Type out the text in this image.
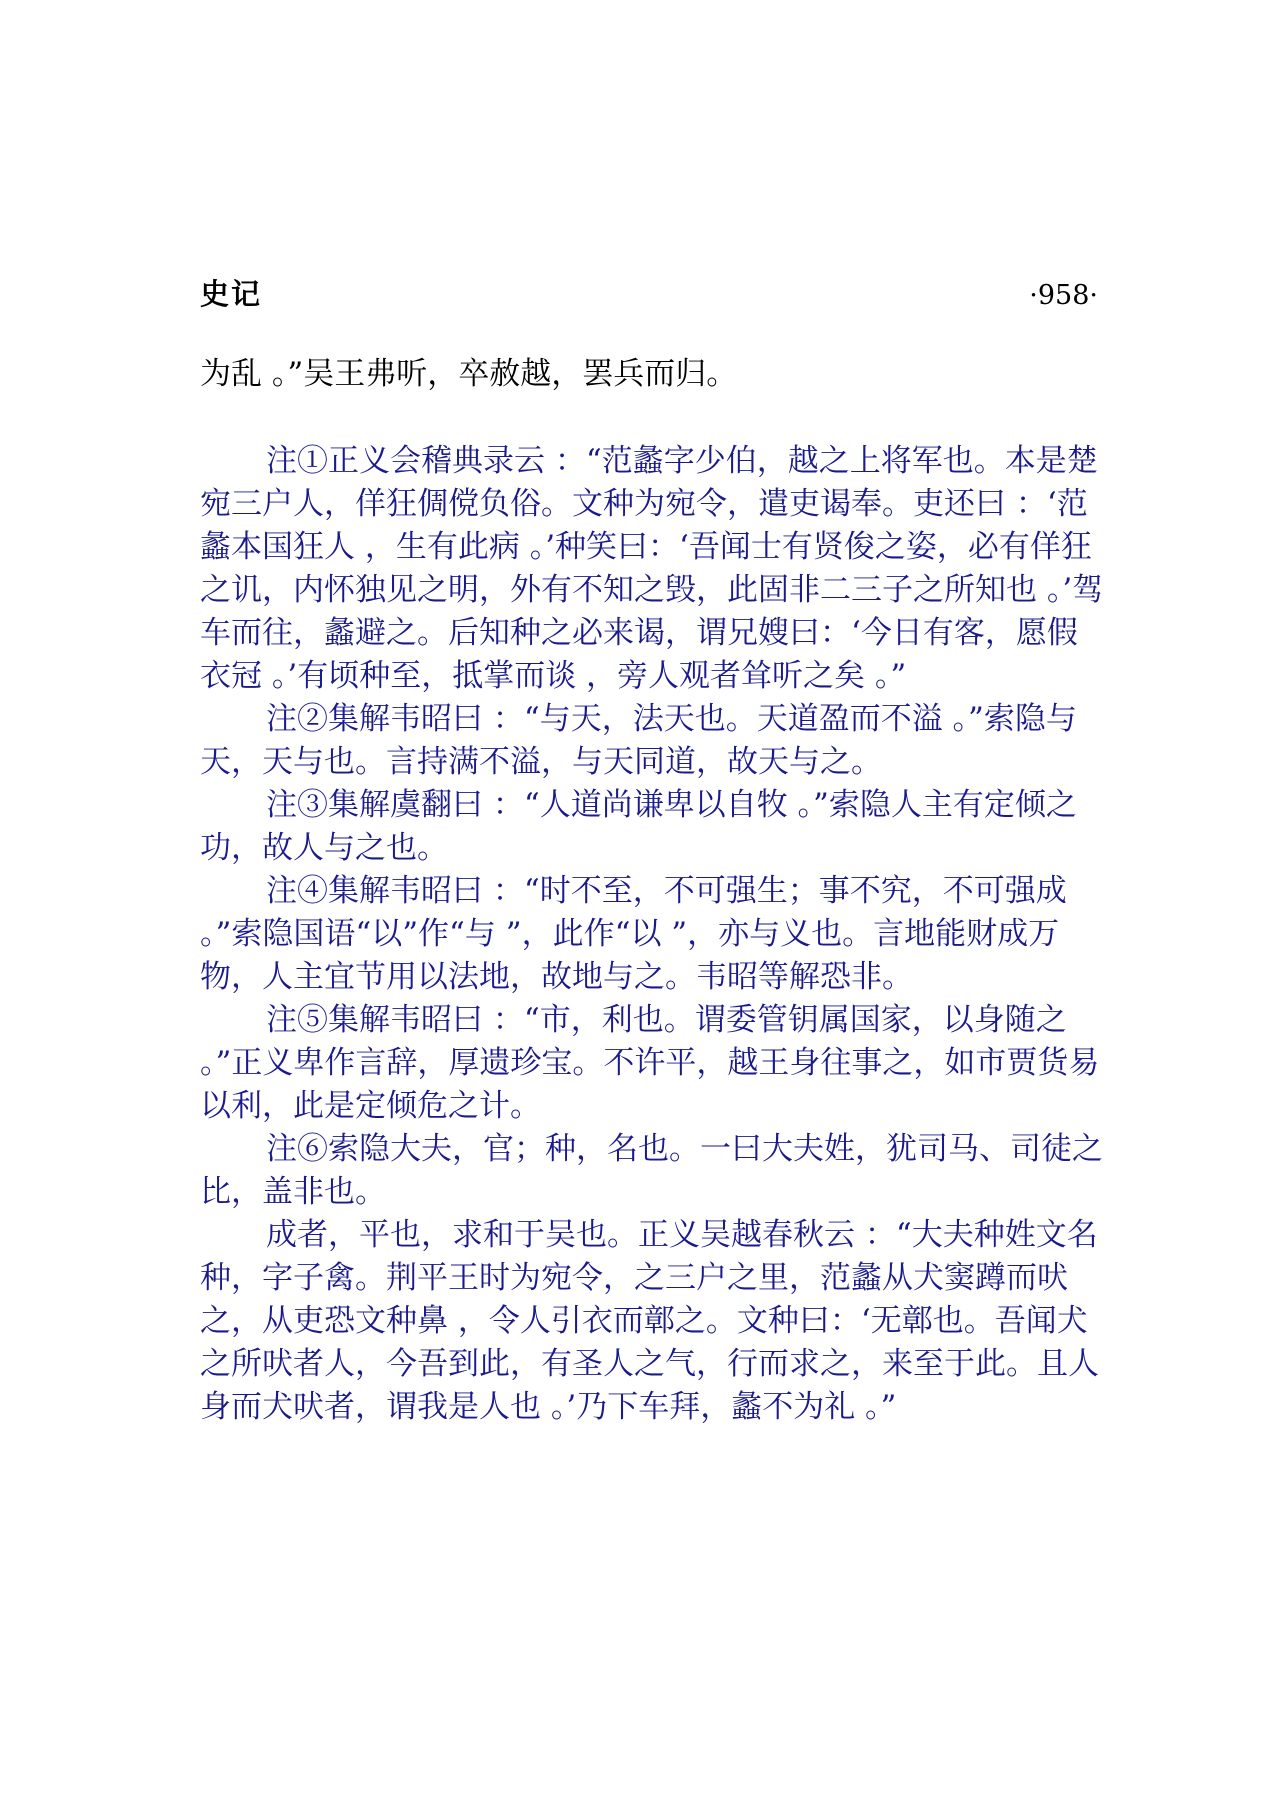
史记	·958·
为乱 。”吴王弗听，卒赦越，罢兵而归。

注①正义会稽典录云 ：“范蠡字少伯，越之上将军也。本是楚宛三户人，佯狂倜傥负俗。文种为宛令，遣吏谒奉。吏还曰 ：‘范蠡本国狂人 ，生有此病 。’种笑曰：‘吾闻士有贤俊之姿，必有佯狂之讥，内怀独见之明，外有不知之毁，此固非二三子之所知也 。’驾车而往，蠡避之。后知种之必来谒，谓兄嫂曰：‘今日有客，愿假衣冠 。’有顷种至，抵掌而谈 ，旁人观者耸听之矣 。”

注②集解韦昭曰 ：“与天，法天也。天道盈而不溢 。”索隐与天，天与也。言持满不溢，与天同道，故天与之。

注③集解虞翻曰 ：“人道尚谦卑以自牧 。”索隐人主有定倾之功，故人与之也。

注④集解韦昭曰 ：“时不至，不可强生；事不究，不可强成 。”索隐国语“以”作“与 ”，此作“以 ”，亦与义也。言地能财成万物，人主宜节用以法地，故地与之。韦昭等解恐非。

注⑤集解韦昭曰 ：“市，利也。谓委管钥属国家，以身随之 。”正义卑作言辞，厚遗珍宝。不许平，越王身往事之，如市贾货易以利，此是定倾危之计。

注⑥索隐大夫，官；种，名也。一曰大夫姓，犹司马、司徒之比，盖非也。

成者，平也，求和于吴也。正义吴越春秋云 ：“大夫种姓文名种，字子禽。荆平王时为宛令，之三户之里，范蠡从犬窦蹲而吠之，从吏恐文种鼻 ，令人引衣而鄣之。文种曰：‘无鄣也。吾闻犬之所吠者人，今吾到此，有圣人之气，行而求之，来至于此。且人身而犬吠者，谓我是人也 。’乃下车拜，蠡不为礼 。”
